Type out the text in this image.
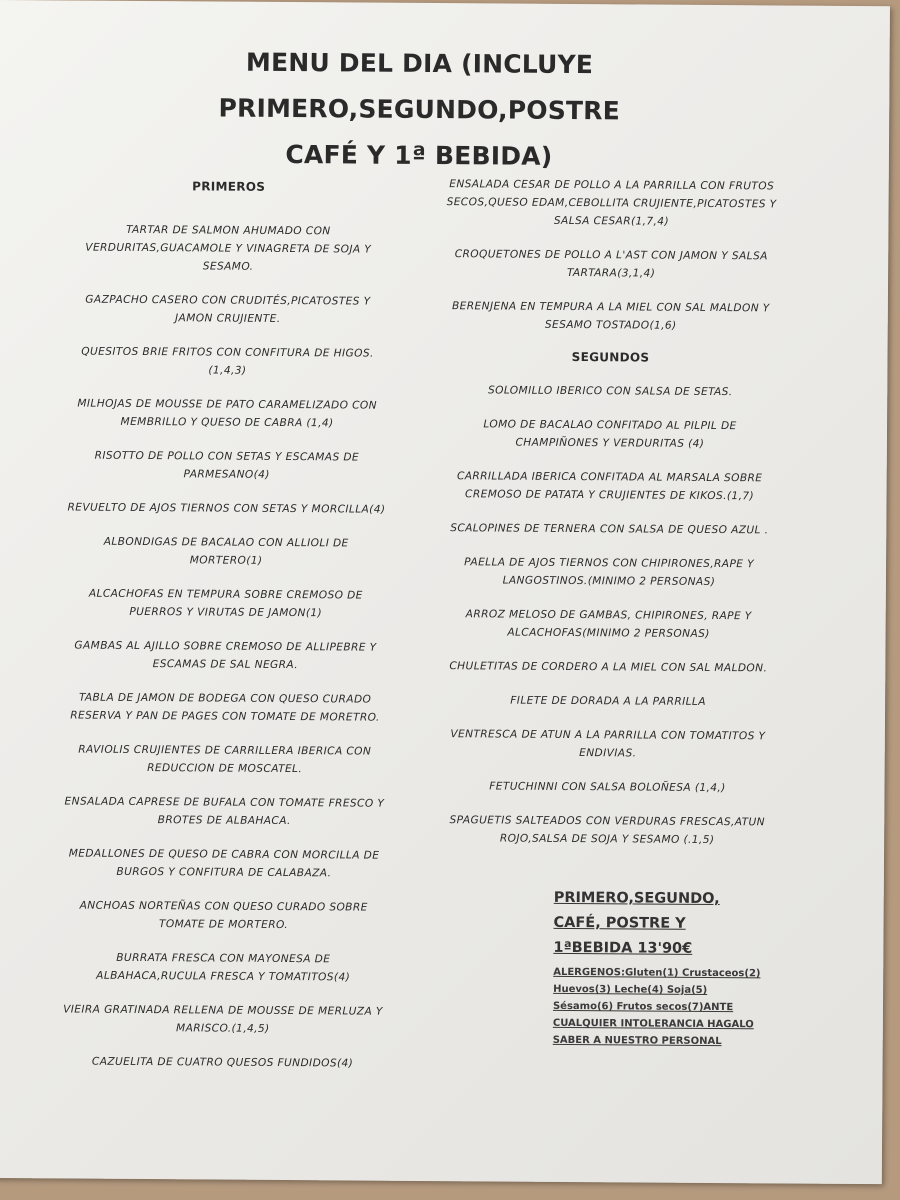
MENU DEL DIA (INCLUYE PRIMERO,SEGUNDO,POSTRE
CAFÉ Y 1ª BEBIDA)
PRIMEROS
TARTAR DE SALMON AHUMADO CON VERDURITAS,GUACAMOLE Y VINAGRETA DE SOJA Y SESAMO.
GAZPACHO CASERO CON CRUDITÉS,PICATOSTES Y JAMON CRUJIENTE.
QUESITOS BRIE FRITOS CON CONFITURA DE HIGOS.(1,4,3)
MILHOJAS DE MOUSSE DE PATO CARAMELIZADO CON MEMBRILLO Y QUESO DE CABRA (1,4)
RISOTTO DE POLLO CON SETAS Y ESCAMAS DE PARMESANO(4)
REVUELTO DE AJOS TIERNOS CON SETAS Y MORCILLA(4)
ALBONDIGAS DE BACALAO CON ALLIOLI DE MORTERO(1)
ALCACHOFAS EN TEMPURA SOBRE CREMOSO DE PUERROS Y VIRUTAS DE JAMON(1)
GAMBAS AL AJILLO SOBRE CREMOSO DE ALLIPEBRE Y ESCAMAS DE SAL NEGRA.
TABLA DE JAMON DE BODEGA CON QUESO CURADO RESERVA Y PAN DE PAGES CON TOMATE DE MORETRO.
RAVIOLIS CRUJIENTES DE CARRILLERA IBERICA CON REDUCCION DE MOSCATEL.
ENSALADA CAPRESE DE BUFALA CON TOMATE FRESCO Y BROTES DE ALBAHACA.
MEDALLONES DE QUESO DE CABRA CON MORCILLA DE BURGOS Y CONFITURA DE CALABAZA.
ANCHOAS NORTEÑAS CON QUESO CURADO SOBRE TOMATE DE MORTERO.
BURRATA FRESCA CON MAYONESA DE ALBAHACA,RUCULA FRESCA Y TOMATITOS(4)
VIEIRA GRATINADA RELLENA DE MOUSSE DE MERLUZA Y MARISCO.(1,4,5)
CAZUELITA DE CUATRO QUESOS FUNDIDOS(4)
ENSALADA CESAR DE POLLO A LA PARRILLA CON FRUTOS SECOS,QUESO EDAM,CEBOLLITA CRUJIENTE,PICATOSTES Y SALSA CESAR(1,7,4)
CROQUETONES DE POLLO A L'AST CON JAMON Y SALSA TARTARA(3,1,4)
BERENJENA EN TEMPURA A LA MIEL CON SAL MALDON Y SESAMO TOSTADO(1,6)
SEGUNDOS
SOLOMILLO IBERICO CON SALSA DE SETAS.
LOMO DE BACALAO CONFITADO AL PILPIL DE CHAMPIÑONES Y VERDURITAS (4)
CARRILLADA IBERICA CONFITADA AL MARSALA SOBRE CREMOSO DE PATATA Y CRUJIENTES DE KIKOS.(1,7)
SCALOPINES DE TERNERA CON SALSA DE QUESO AZUL .
PAELLA DE AJOS TIERNOS CON CHIPIRONES,RAPE Y LANGOSTINOS.(MINIMO 2 PERSONAS)
ARROZ MELOSO DE GAMBAS, CHIPIRONES, RAPE Y ALCACHOFAS(MINIMO 2 PERSONAS)
CHULETITAS DE CORDERO A LA MIEL CON SAL MALDON.
FILETE DE DORADA A LA PARRILLA
VENTRESCA DE ATUN A LA PARRILLA CON TOMATITOS Y ENDIVIAS.
FETUCHINNI CON SALSA BOLOÑESA (1,4,)
SPAGUETIS SALTEADOS CON VERDURAS FRESCAS,ATUN ROJO,SALSA DE SOJA Y SESAMO (.1,5)
PRIMERO,SEGUNDO,
CAFÉ, POSTRE Y
1ªBEBIDA 13'90€
ALERGENOS:Gluten(1) Crustaceos(2)
Huevos(3) Leche(4) Soja(5)
Sésamo(6) Frutos secos(7)ANTE
CUALQUIER INTOLERANCIA HAGALO
SABER A NUESTRO PERSONAL
